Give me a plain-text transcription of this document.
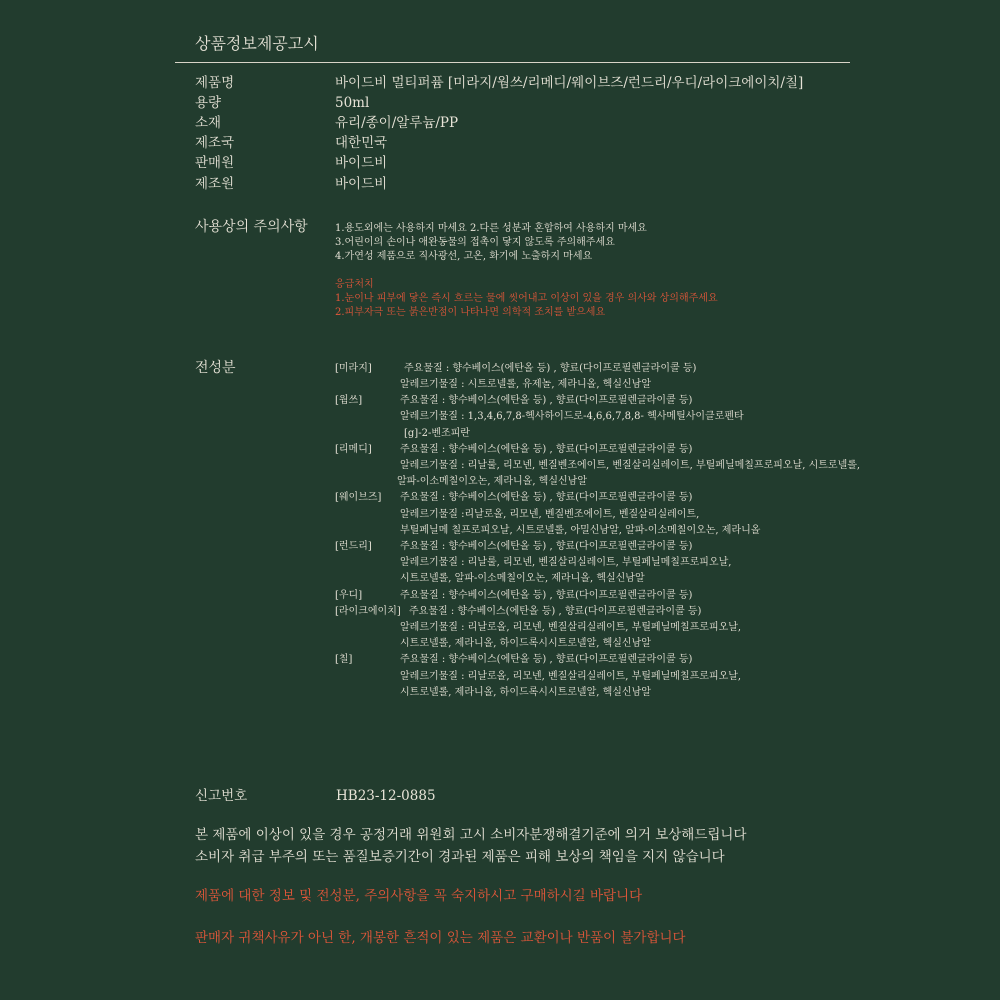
상품정보제공고시
제품명	바이드비 멀티퍼퓸 [미라지/웜쓰/리메디/웨이브즈/런드리/우디/라이크에이치/칠]
용량	50ml
소재	유리/종이/알루늄/PP
제조국	대한민국
판매원	바이드비
제조원	바이드비
사용상의 주의사항	1.용도외에는 사용하지 마세요 2.다른 성분과 혼합하여 사용하지 마세요
3.어린이의 손이나 애완동물의 접촉이 닿지 않도록 주의해주세요
4.가연성 제품으로 직사광선, 고온, 화기에 노출하지 마세요
응급처치
1.눈이나 피부에 닿은 즉시 흐르는 물에 씻어내고 이상이 있을 경우 의사와 상의해주세요
2.피부자극 또는 붉은반점이 나타나면 의학적 조치를 받으세요
전성분	[미라지]	주요물질 : 향수베이스(에탄올 등) , 향료(다이프로필렌글라이콜 등)
알레르기물질 : 시트로넬롤, 유제놀, 제라니올, 헥실신남알
[웜쓰]	주요물질 : 향수베이스(에탄올 등) , 향료(다이프로필렌글라이콜 등)
알레르기물질 : 1,3,4,6,7,8-헥사하이드로-4,6,6,7,8,8- 헥사메틸사이클로펜타
[g]-2-벤조피란
[리메디]	주요물질 : 향수베이스(에탄올 등) , 향료(다이프로필렌글라이콜 등)
알레르기물질 : 리날룰, 리모넨, 벤질벤조에이트, 벤질살리실레이트, 부틸페닐메칠프로피오날, 시트로넬롤,
알파-이소메칠이오논, 제라니올, 헥실신남알
[웨이브즈] 주요물질 : 향수베이스(에탄올 등) , 향료(다이프로필렌글라이콜 등)
알레르기물질 :리날로올, 리모넨, 벤질벤조에이트, 벤질살리실레이트,
부틸페닐메 칠프로피오날, 시트로넬롤, 아밀신남알, 알파-이소메칠이오논, 제라니올
[런드리]	주요물질 : 향수베이스(에탄올 등) , 향료(다이프로필렌글라이콜 등)
알레르기물질 : 리날룰, 리모넨, 벤질살리실레이트, 부틸페닐메칠프로피오날,
시트로넬롤, 알파-이소메칠이오논, 제라니올, 헥실신남알
[우디]	주요물질 : 향수베이스(에탄올 등) , 향료(다이프로필렌글라이콜 등)
[라이크에이치] 주요물질 : 향수베이스(에탄올 등) , 향료(다이프로필렌글라이콜 등)
알레르기물질 : 리날로올, 리모넨, 벤질살리실레이트, 부틸페닐메칠프로피오날,
시트로넬롤, 제라니올, 하이드록시시트로넬알, 헥실신남알
[칠]	주요물질 : 향수베이스(에탄올 등) , 향료(다이프로필렌글라이콜 등)
알레르기물질 : 리날로올, 리모넨, 벤질살리실레이트, 부틸페닐메칠프로피오날,
시트로넬롤, 제라니올, 하이드록시시트로넬알, 헥실신남알
신고번호	HB23-12-0885
본 제품에 이상이 있을 경우 공정거래 위원회 고시 소비자분쟁해결기준에 의거 보상해드립니다
소비자 취급 부주의 또는 품질보증기간이 경과된 제품은 피해 보상의 책임을 지지 않습니다
제품에 대한 정보 및 전성분, 주의사항을 꼭 숙지하시고 구매하시길 바랍니다
판매자 귀책사유가 아닌 한, 개봉한 흔적이 있는 제품은 교환이나 반품이 불가합니다
